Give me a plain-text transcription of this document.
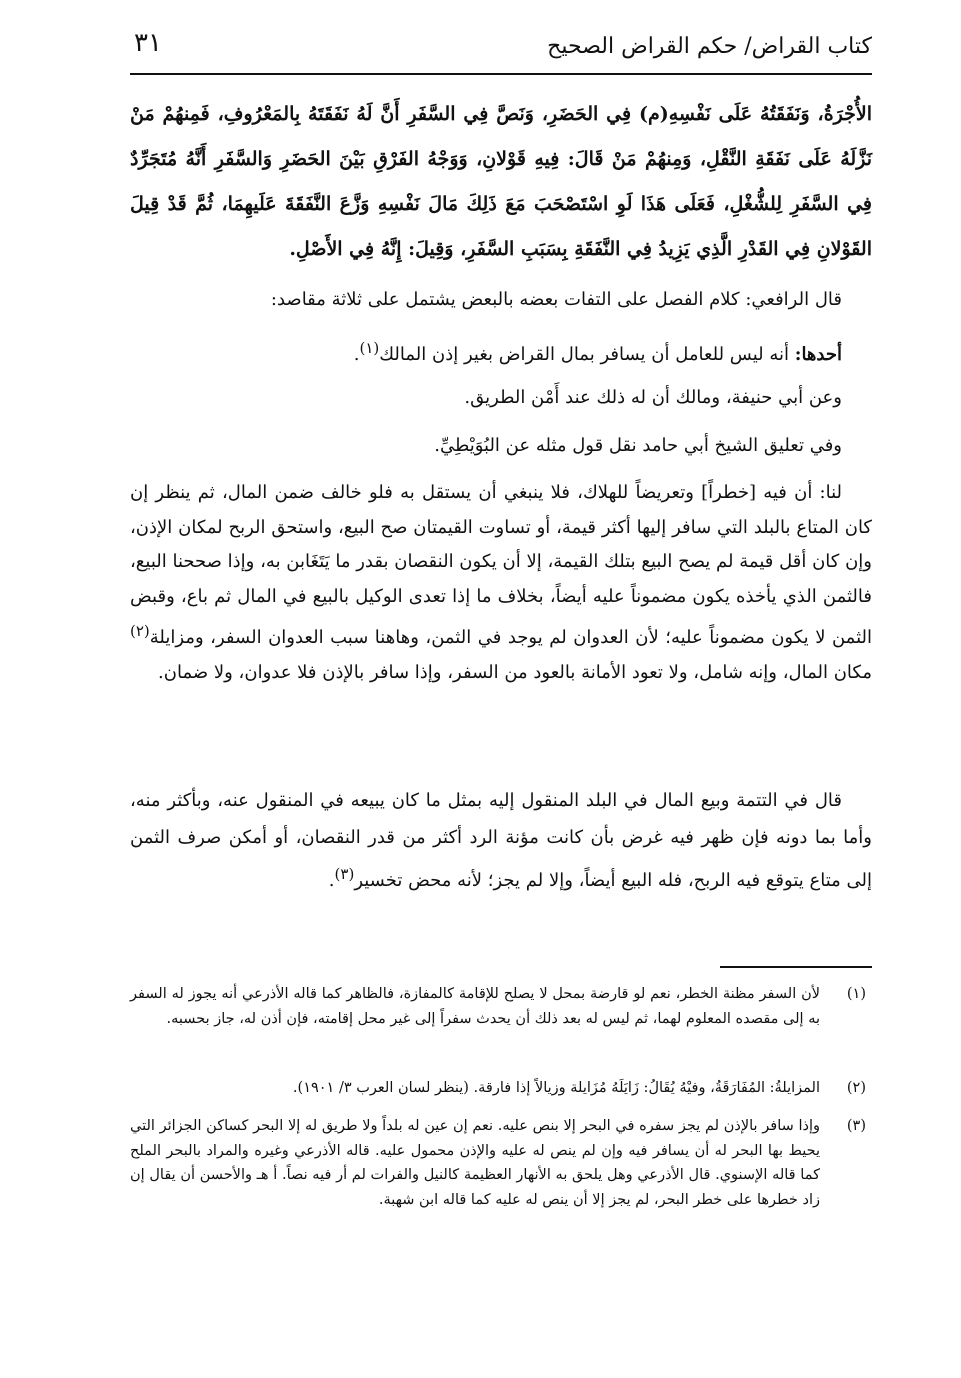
كتاب القراض/ حكم القراض الصحيح
٣١

الأُجْرَةُ، وَنَفَقَتُهُ عَلَى نَفْسِهِ(م) فِي الحَضَرِ، وَنَصَّ فِي السَّفَرِ أَنَّ لَهُ نَفَقَتَهُ بِالمَعْرُوفِ، فَمِنهُمْ مَنْ نَزَّلَهُ عَلَى نَفَقَةِ النَّقْلِ، وَمِنهُمْ مَنْ قَالَ: فِيهِ قَوْلانِ، وَوَجْهُ الفَرْقِ بَيْنَ الحَضَرِ وَالسَّفَرِ أَنَّهُ مُتَجَرِّدٌ فِي السَّفَرِ لِلشُّغْلِ، فَعَلَى هَذَا لَوِ اسْتَصْحَبَ مَعَ ذَلِكَ مَالَ نَفْسِهِ وَزَّعَ النَّفَقَةَ عَلَيهِمَا، ثُمَّ قَدْ قِيلَ القَوْلانِ فِي القَدْرِ الَّذِي يَزِيدُ فِي النَّفَقَةِ بِسَبَبِ السَّفَرِ، وَقِيلَ: إِنَّهُ فِي الأَصْلِ.

قال الرافعي: كلام الفصل على التفات بعضه بالبعض يشتمل على ثلاثة مقاصد:

أحدها: أنه ليس للعامل أن يسافر بمال القراض بغير إذن المالك$^{(١)}$.

وعن أبي حنيفة، ومالك أن له ذلك عند أَمْن الطريق.

وفي تعليق الشيخ أبي حامد نقل قول مثله عن البُوَيْطِيِّ.

لنا: أن فيه [خطراً] وتعريضاً للهلاك، فلا ينبغي أن يستقل به فلو خالف ضمن المال، ثم ينظر إن كان المتاع بالبلد التي سافر إليها أكثر قيمة، أو تساوت القيمتان صح البيع، واستحق الربح لمكان الإذن، وإن كان أقل قيمة لم يصح البيع بتلك القيمة، إلا أن يكون النقصان بقدر ما يَتَغَابن به، وإذا صححنا البيع، فالثمن الذي يأخذه يكون مضموناً عليه أيضاً، بخلاف ما إذا تعدى الوكيل بالبيع في المال ثم باع، وقبض الثمن لا يكون مضموناً عليه؛ لأن العدوان لم يوجد في الثمن، وهاهنا سبب العدوان السفر، ومزايلة$^{(٢)}$ مكان المال، وإنه شامل، ولا تعود الأمانة بالعود من السفر، وإذا سافر بالإذن فلا عدوان، ولا ضمان.

قال في التتمة وبيع المال في البلد المنقول إليه بمثل ما كان يبيعه في المنقول عنه، وبأكثر منه، وأما بما دونه فإن ظهر فيه غرض بأن كانت مؤنة الرد أكثر من قدر النقصان، أو أمكن صرف الثمن إلى متاع يتوقع فيه الربح، فله البيع أيضاً، وإلا لم يجز؛ لأنه محض تخسير$^{(٣)}$.

(١)
لأن السفر مظنة الخطر، نعم لو قارضة بمحل لا يصلح للإقامة كالمفازة، فالظاهر كما قاله الأذرعي أنه يجوز له السفر به إلى مقصده المعلوم لهما، ثم ليس له بعد ذلك أن يحدث سفراً إلى غير محل إقامته، فإن أذن له، جاز بحسبه.
(٢)
المزايلةُ: المُفَارَقَةُ، وفيْهُ يُقَالُ: زَايَلَهُ مُزَايلة وزيالاً إذا فارقة. (ينظر لسان العرب ٣/ ١٩٠١).
(٣)
وإذا سافر بالإذن لم يجز سفره في البحر إلا بنص عليه. نعم إن عين له بلداً ولا طريق له إلا البحر كساكن الجزائر التي يحيط بها البحر له أن يسافر فيه وإن لم ينص له عليه والإذن محمول عليه. قاله الأذرعي وغيره والمراد بالبحر الملح كما قاله الإسنوي. قال الأذرعي وهل يلحق به الأنهار العظيمة كالنيل والفرات لم أر فيه نصاً. أ هـ والأحسن أن يقال إن زاد خطرها على خطر البحر، لم يجز إلا أن ينص له عليه كما قاله ابن شهبة.
